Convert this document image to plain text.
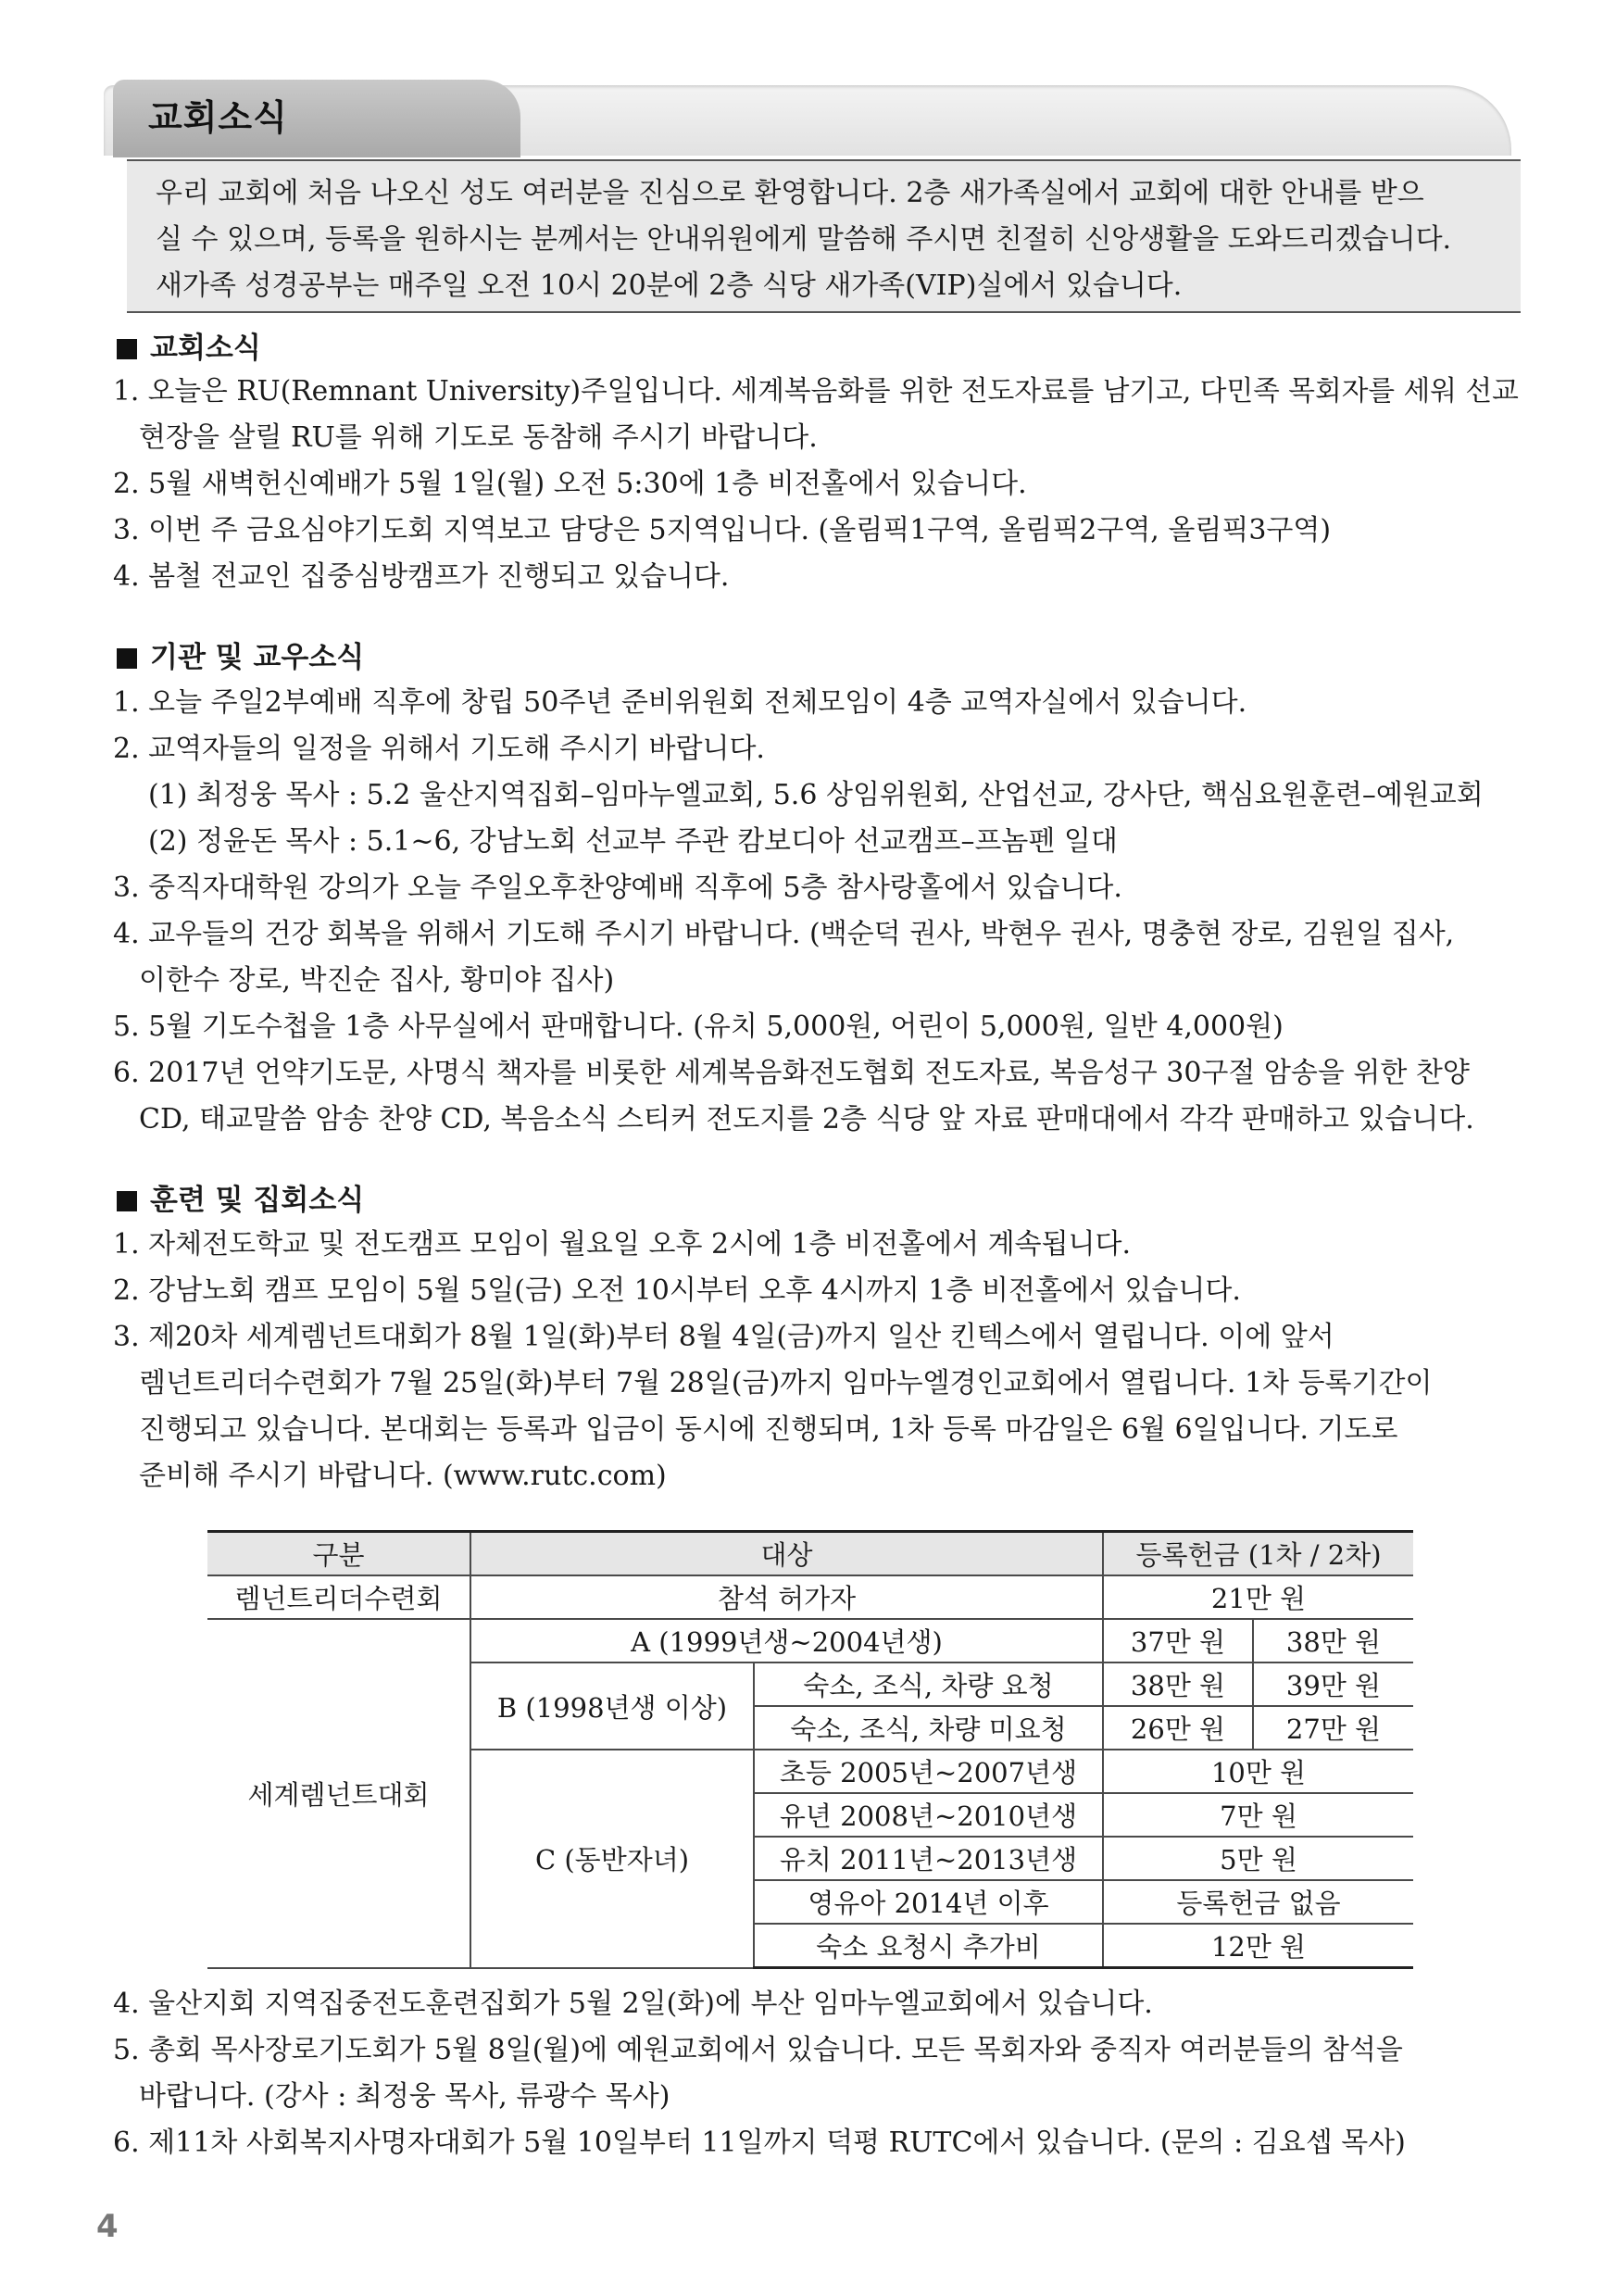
교회소식
우리 교회에 처음 나오신 성도 여러분을 진심으로 환영합니다. 2층 새가족실에서 교회에 대한 안내를 받으
실 수 있으며, 등록을 원하시는 분께서는 안내위원에게 말씀해 주시면 친절히 신앙생활을 도와드리겠습니다.
새가족 성경공부는 매주일 오전 10시 20분에 2층 식당 새가족(VIP)실에서 있습니다.
교회소식
1. 오늘은 RU(Remnant University)주일입니다. 세계복음화를 위한 전도자료를 남기고, 다민족 목회자를 세워 선교
현장을 살릴 RU를 위해 기도로 동참해 주시기 바랍니다.
2. 5월 새벽헌신예배가 5월 1일(월) 오전 5:30에 1층 비전홀에서 있습니다.
3. 이번 주 금요심야기도회 지역보고 담당은 5지역입니다. (올림픽1구역, 올림픽2구역, 올림픽3구역)
4. 봄철 전교인 집중심방캠프가 진행되고 있습니다.
기관 및 교우소식
1. 오늘 주일2부예배 직후에 창립 50주년 준비위원회 전체모임이 4층 교역자실에서 있습니다.
2. 교역자들의 일정을 위해서 기도해 주시기 바랍니다.
(1) 최정웅 목사 : 5.2 울산지역집회–임마누엘교회, 5.6 상임위원회, 산업선교, 강사단, 핵심요원훈련–예원교회
(2) 정윤돈 목사 : 5.1~6, 강남노회 선교부 주관 캄보디아 선교캠프–프놈펜 일대
3. 중직자대학원 강의가 오늘 주일오후찬양예배 직후에 5층 참사랑홀에서 있습니다.
4. 교우들의 건강 회복을 위해서 기도해 주시기 바랍니다. (백순덕 권사, 박현우 권사, 명충현 장로, 김원일 집사,
이한수 장로, 박진순 집사, 황미야 집사)
5. 5월 기도수첩을 1층 사무실에서 판매합니다. (유치 5,000원, 어린이 5,000원, 일반 4,000원)
6. 2017년 언약기도문, 사명식 책자를 비롯한 세계복음화전도협회 전도자료, 복음성구 30구절 암송을 위한 찬양
CD, 태교말씀 암송 찬양 CD, 복음소식 스티커 전도지를 2층 식당 앞 자료 판매대에서 각각 판매하고 있습니다.
훈련 및 집회소식
1. 자체전도학교 및 전도캠프 모임이 월요일 오후 2시에 1층 비전홀에서 계속됩니다.
2. 강남노회 캠프 모임이 5월 5일(금) 오전 10시부터 오후 4시까지 1층 비전홀에서 있습니다.
3. 제20차 세계렘넌트대회가 8월 1일(화)부터 8월 4일(금)까지 일산 킨텍스에서 열립니다. 이에 앞서
렘넌트리더수련회가 7월 25일(화)부터 7월 28일(금)까지 임마누엘경인교회에서 열립니다. 1차 등록기간이
진행되고 있습니다. 본대회는 등록과 입금이 동시에 진행되며, 1차 등록 마감일은 6월 6일입니다. 기도로
준비해 주시기 바랍니다. (www.rutc.com)
구분	대상		등록헌금 (1차 / 2차)	
렘넌트리더수련회	참석 허가자		21만 원	
세계렘넌트대회	A (1999년생~2004년생)		37만 원	38만 원
	B (1998년생 이상)	숙소, 조식, 차량 요청	38만 원	39만 원
		숙소, 조식, 차량 미요청	26만 원	27만 원
	C (동반자녀)	초등 2005년~2007년생	10만 원	
		유년 2008년~2010년생	7만 원	
		유치 2011년~2013년생	5만 원	
		영유아 2014년 이후	등록헌금 없음	
		숙소 요청시 추가비	12만 원	
4. 울산지회 지역집중전도훈련집회가 5월 2일(화)에 부산 임마누엘교회에서 있습니다.
5. 총회 목사장로기도회가 5월 8일(월)에 예원교회에서 있습니다. 모든 목회자와 중직자 여러분들의 참석을
바랍니다. (강사 : 최정웅 목사, 류광수 목사)
6. 제11차 사회복지사명자대회가 5월 10일부터 11일까지 덕평 RUTC에서 있습니다. (문의 : 김요셉 목사)
4
